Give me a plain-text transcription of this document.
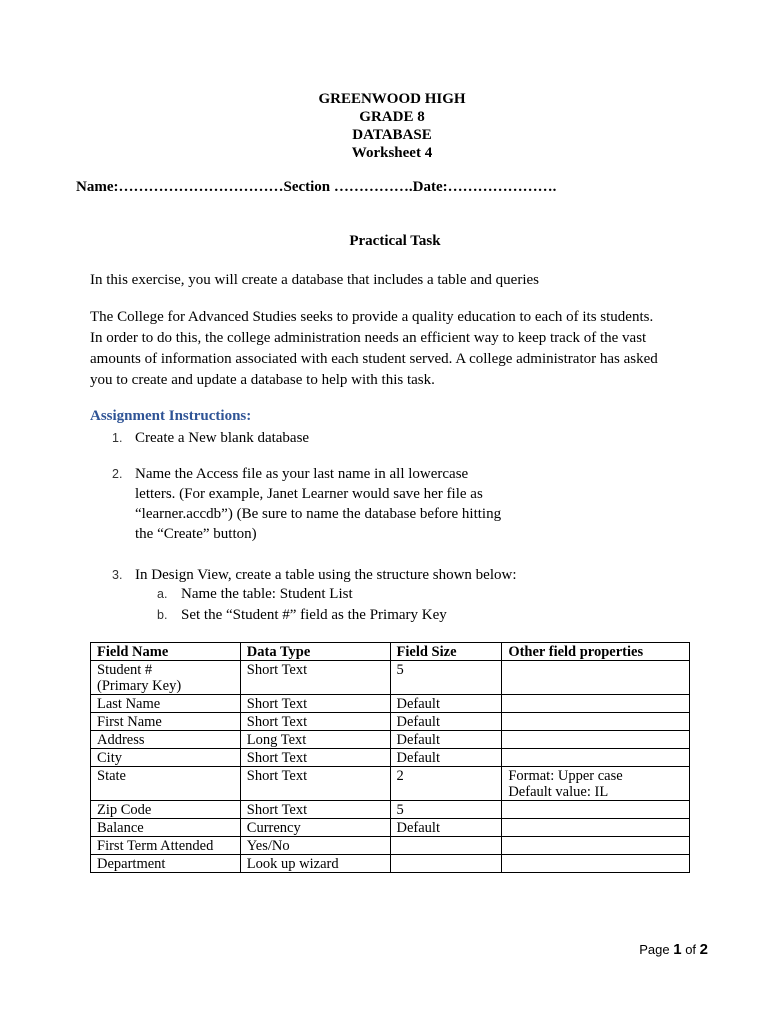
GREENWOOD HIGH
GRADE 8
DATABASE
Worksheet 4
Name:……………………………Section …………….Date:………………….
Practical Task
In this exercise, you will create a database that includes a table and queries
The College for Advanced Studies seeks to provide a quality education to each of its students.
In order to do this, the college administration needs an efficient way to keep track of the vast
amounts of information associated with each student served. A college administrator has asked
you to create and update a database to help with this task.
Assignment Instructions:
1. Create a New blank database
2. Name the Access file as your last name in all lowercase
letters. (For example, Janet Learner would save her file as
“learner.accdb”) (Be sure to name the database before hitting
the “Create” button)
3. In Design View, create a table using the structure shown below:
a. Name the table: Student List
b. Set the “Student #” field as the Primary Key
Field Name	Data Type	Field Size	Other field properties
Student #
(Primary Key)	Short Text	5	
Last Name	Short Text	Default	
First Name	Short Text	Default	
Address	Long Text	Default	
City	Short Text	Default	
State	Short Text	2	Format: Upper case
Default value: IL
Zip Code	Short Text	5	
Balance	Currency	Default	
First Term Attended	Yes/No		
Department	Look up wizard		
Page 1 of 2
